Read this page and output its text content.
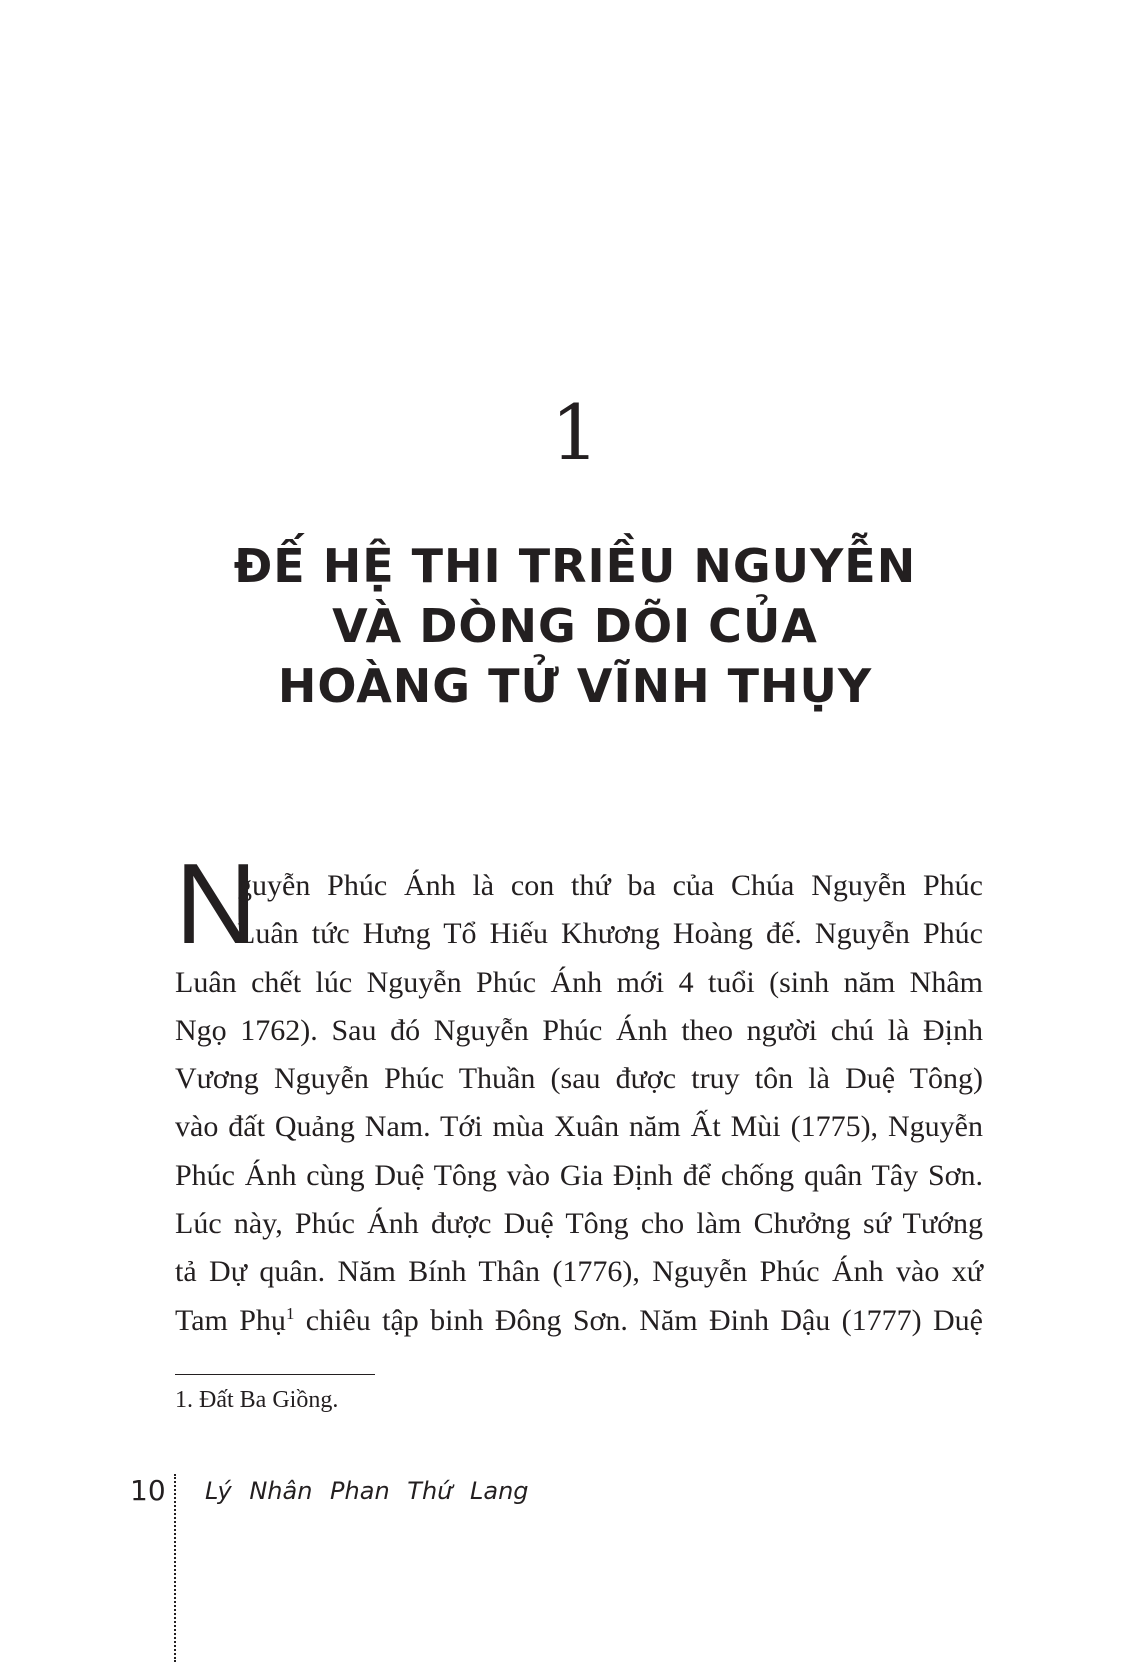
1
ĐẾ HỆ THI TRIỀU NGUYỄN
VÀ DÒNG DÕI CỦA
HOÀNG TỬ VĨNH THỤY
N
guyễn Phúc Ánh là con thứ ba của Chúa Nguyễn Phúc
Luân tức Hưng Tổ Hiếu Khương Hoàng đế. Nguyễn Phúc
Luân chết lúc Nguyễn Phúc Ánh mới 4 tuổi (sinh năm Nhâm
Ngọ 1762). Sau đó Nguyễn Phúc Ánh theo người chú là Định
Vương Nguyễn Phúc Thuần (sau được truy tôn là Duệ Tông)
vào đất Quảng Nam. Tới mùa Xuân năm Ất Mùi (1775), Nguyễn
Phúc Ánh cùng Duệ Tông vào Gia Định để chống quân Tây Sơn.
Lúc này, Phúc Ánh được Duệ Tông cho làm Chưởng sứ Tướng
tả Dự quân. Năm Bính Thân (1776), Nguyễn Phúc Ánh vào xứ
Tam Phụ$^1$ chiêu tập binh Đông Sơn. Năm Đinh Dậu (1777) Duệ
1. Đất Ba Giồng.
10 Lý Nhân Phan Thứ Lang
